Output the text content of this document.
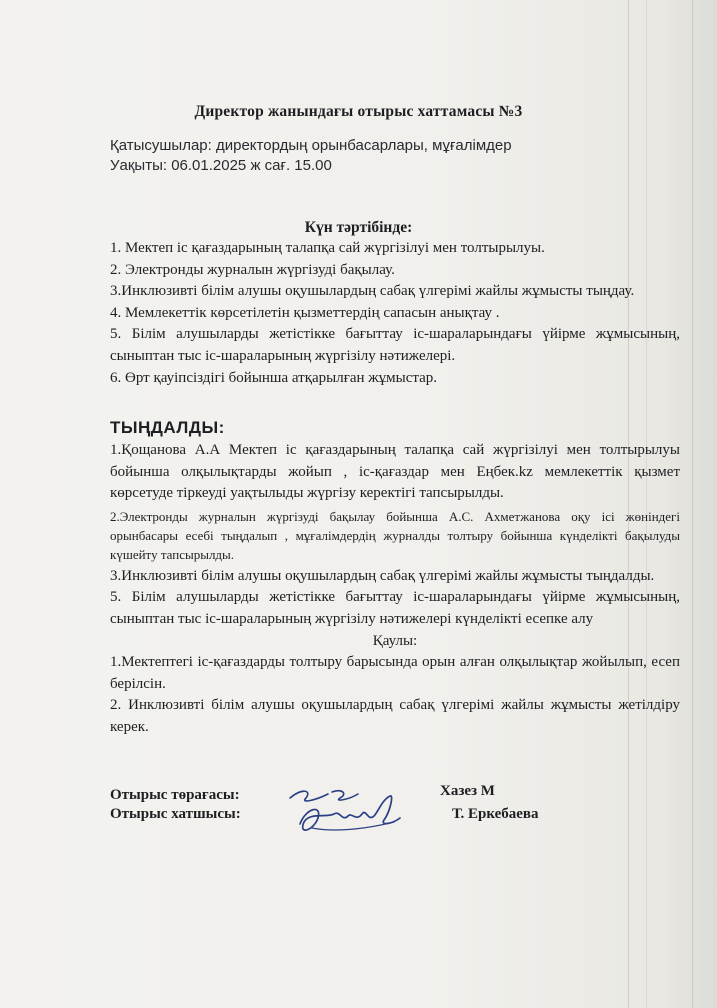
Директор жанындағы отырыс хаттамасы №3
Қатысушылар: директордың орынбасарлары, мұғалімдер
Уақыты: 06.01.2025 ж сағ. 15.00
Күн тәртібінде:

1. Мектеп іс қағаздарының талапқа сай жүргізілуі мен толтырылуы.

2. Электронды журналын жүргізуді бақылау.

3.Инклюзивті білім алушы оқушылардың сабақ үлгерімі жайлы жұмысты тыңдау.

4. Мемлекеттік көрсетілетін қызметтердің сапасын анықтау .

5. Білім алушыларды жетістікке бағыттау іс-шараларындағы үйірме жұмысының, сыныптан тыс іс-шараларының жүргізілу нәтижелері.

6. Өрт қауіпсіздігі бойынша атқарылған жұмыстар.

ТЫҢДАЛДЫ:

1.Қощанова А.А Мектеп іс қағаздарының талапқа сай жүргізілуі мен толтырылуы бойынша олқылықтарды жойып , іс-қағаздар мен Еңбек.kz мемлекеттік қызмет көрсетуде тіркеуді уақтылыды жүргізу керектігі тапсырылды.

2.Электронды журналын жүргізуді бақылау бойынша А.С. Ахметжанова оқу ісі жөніндегі орынбасары есебі тыңдалып , мұғалімдердің журналды толтыру бойынша күнделікті бақылуды күшейту тапсырылды.

3.Инклюзивті білім алушы оқушылардың сабақ үлгерімі жайлы жұмысты тыңдалды.

5. Білім алушыларды жетістікке бағыттау іс-шараларындағы үйірме жұмысының, сыныптан тыс іс-шараларының жүргізілу нәтижелері күнделікті есепке алу

Қаулы:

1.Мектептегі іс-қағаздарды толтыру барысында орын алған олқылықтар жойылып, есеп берілсін.

2. Инклюзивті білім алушы оқушылардың сабақ үлгерімі жайлы жұмысты жетілдіру керек.

Отырыс төрағасы:	Хазез М
Отырыс хатшысы:	Т. Еркебаева
